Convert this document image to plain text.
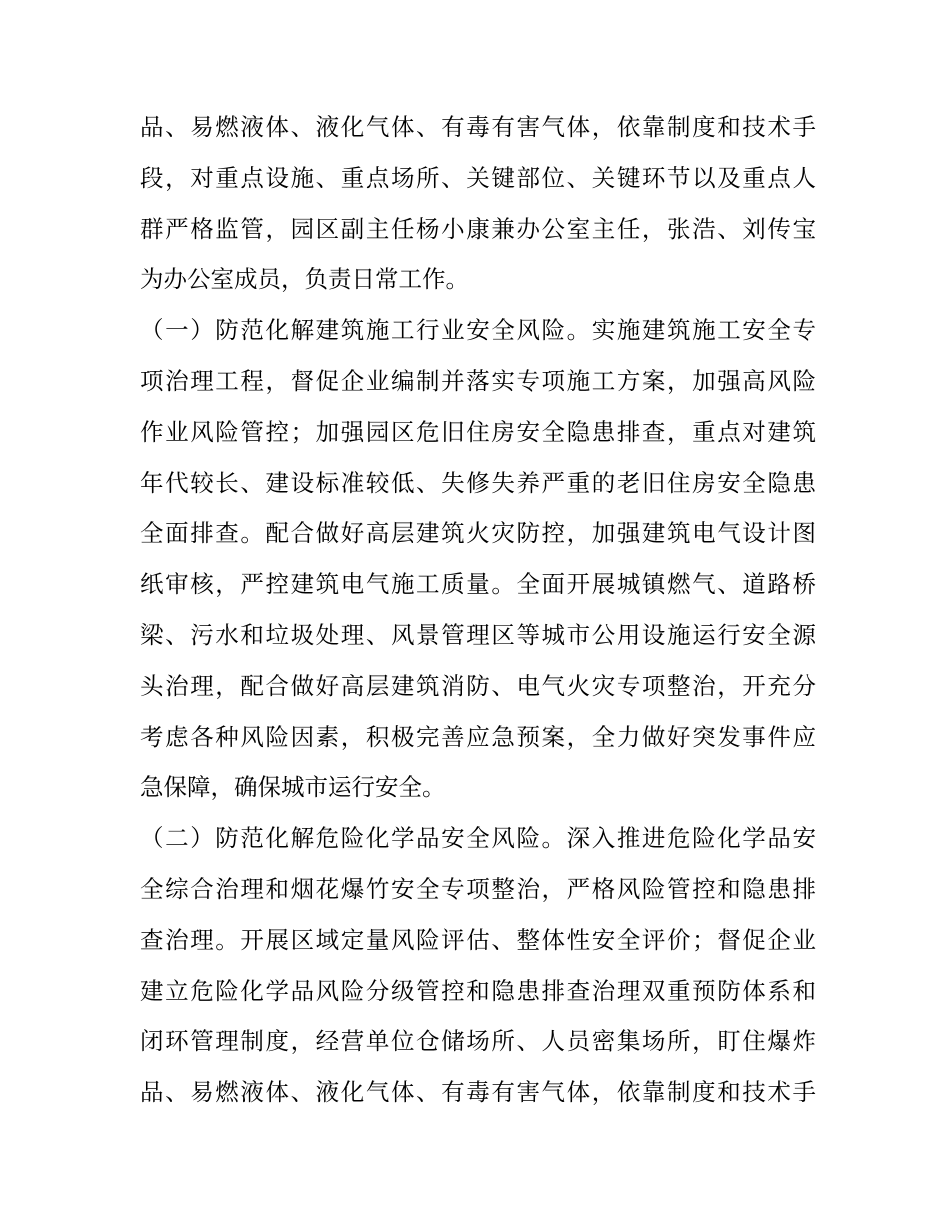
品、易燃液体、液化气体、有毒有害气体，依靠制度和技术手
段，对重点设施、重点场所、关键部位、关键环节以及重点人
群严格监管，园区副主任杨小康兼办公室主任，张浩、刘传宝
为办公室成员，负责日常工作。
（一）防范化解建筑施工行业安全风险。实施建筑施工安全专
项治理工程，督促企业编制并落实专项施工方案，加强高风险
作业风险管控；加强园区危旧住房安全隐患排查，重点对建筑
年代较长、建设标准较低、失修失养严重的老旧住房安全隐患
全面排查。配合做好高层建筑火灾防控，加强建筑电气设计图
纸审核，严控建筑电气施工质量。全面开展城镇燃气、道路桥
梁、污水和垃圾处理、风景管理区等城市公用设施运行安全源
头治理，配合做好高层建筑消防、电气火灾专项整治，开充分
考虑各种风险因素，积极完善应急预案，全力做好突发事件应
急保障，确保城市运行安全。
（二）防范化解危险化学品安全风险。深入推进危险化学品安
全综合治理和烟花爆竹安全专项整治，严格风险管控和隐患排
查治理。开展区域定量风险评估、整体性安全评价；督促企业
建立危险化学品风险分级管控和隐患排查治理双重预防体系和
闭环管理制度，经营单位仓储场所、人员密集场所，盯住爆炸
品、易燃液体、液化气体、有毒有害气体，依靠制度和技术手
